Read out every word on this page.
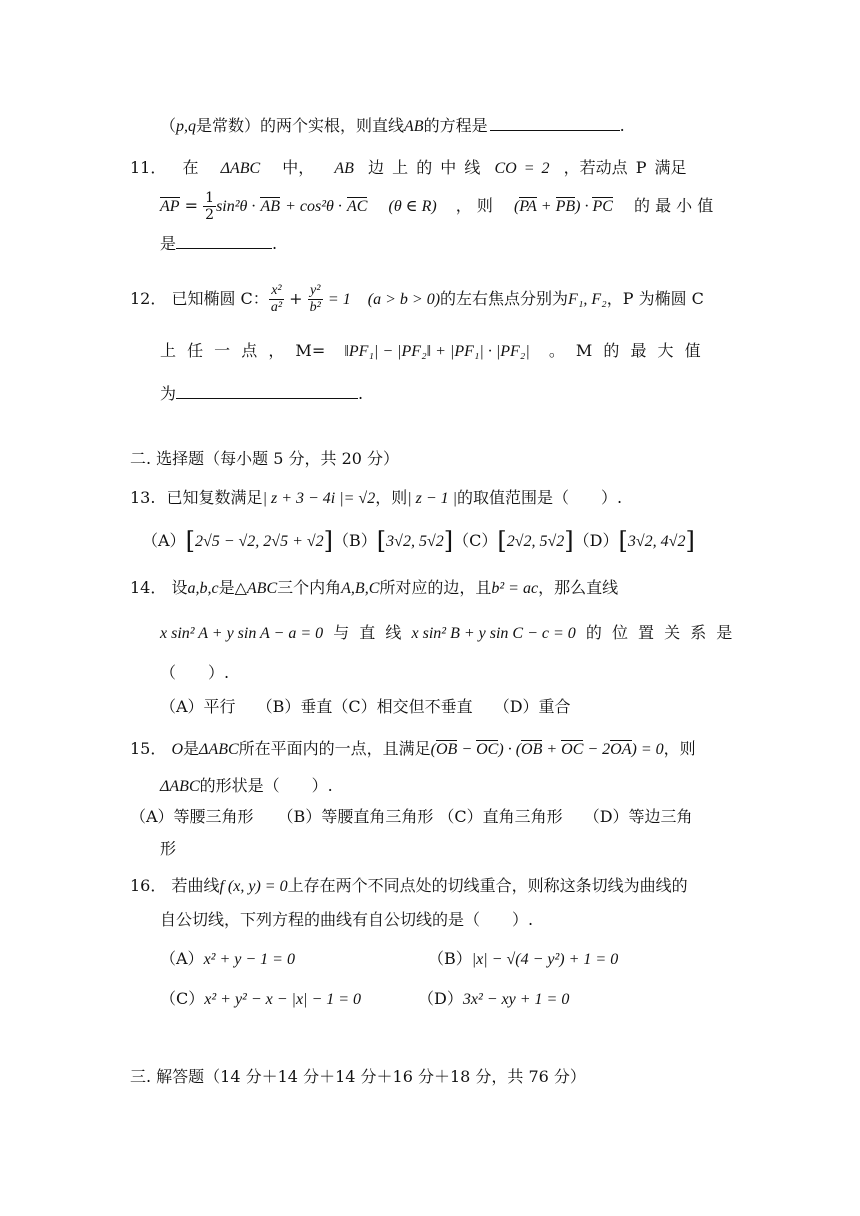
（p,q是常数）的两个实根，则直线AB的方程是	.
11． 在 ΔABC 中， AB 边 上 的 中 线 CO = 2 ，若动点 P 满足
AP = $\frac{1}{2} \sin^2\theta$ · AB + cos²θ · AC (θ ∈ R) ， 则 (PA + PB) · PC 的 最 小 值
是	.
12． 已知椭圆 C： $\frac{\text{x²}}{\text{a²}} + \frac{\text{y²}}{\text{b²}} = 1$ (a > b > 0)的左右焦点分别为F₁, F₂，P 为椭圆 C
上 任 一 点 ， M= ‖PF₁| − |PF₂‖ + |PF₁| · |PF₂| 。 M 的 最 大 值
为	.
二. 选择题（每小题 5 分，共 20 分）
13. 已知复数满足| z + 3 − 4i |= √2，则| z − 1 |的取值范围是（　　）.
（A）[2√5 − √2, 2√5 + √2]（B）[3√2, 5√2]（C）[2√2, 5√2]（D）[3√2, 4√2]
14． 设a,b,c是△ABC三个内角A,B,C所对应的边，且b² = ac，那么直线
x sin² A + y sin A − a = 0 与 直 线 x sin² B + y sin C − c = 0 的 位 置 关 系 是
（　　）.
（A）平行　 （B）垂直（C）相交但不垂直　 （D）重合
15． O是ΔABC所在平面内的一点，且满足(OB − OC) · (OB + OC − 2OA) = 0，则
ΔABC的形状是（　　）.
（A）等腰三角形　　（B）等腰直角三角形 （C）直角三角形　 （D）等边三角
形
16． 若曲线f (x, y) = 0上存在两个不同点处的切线重合，则称这条切线为曲线的
自公切线，下列方程的曲线有自公切线的是（　　）.
（A）x² + y − 1 = 0	（B）|x| − √(4 − y²) + 1 = 0
（C）x² + y² − x − |x| − 1 = 0	（D）3x² − xy + 1 = 0
三. 解答题（14 分＋14 分＋14 分＋16 分＋18 分，共 76 分）
